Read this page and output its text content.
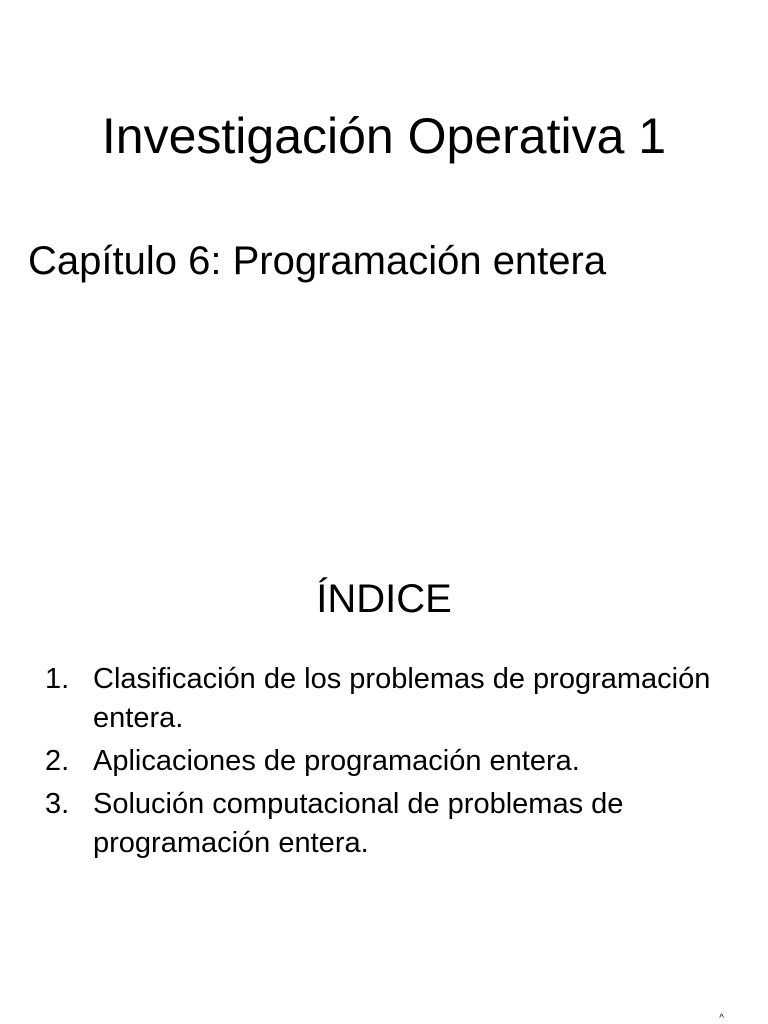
Investigación Operativa 1
Capítulo 6: Programación entera
ÍNDICE
1. Clasificación de los problemas de programación entera.
2. Aplicaciones de programación entera.
3. Solución computacional de problemas de programación entera.
^
